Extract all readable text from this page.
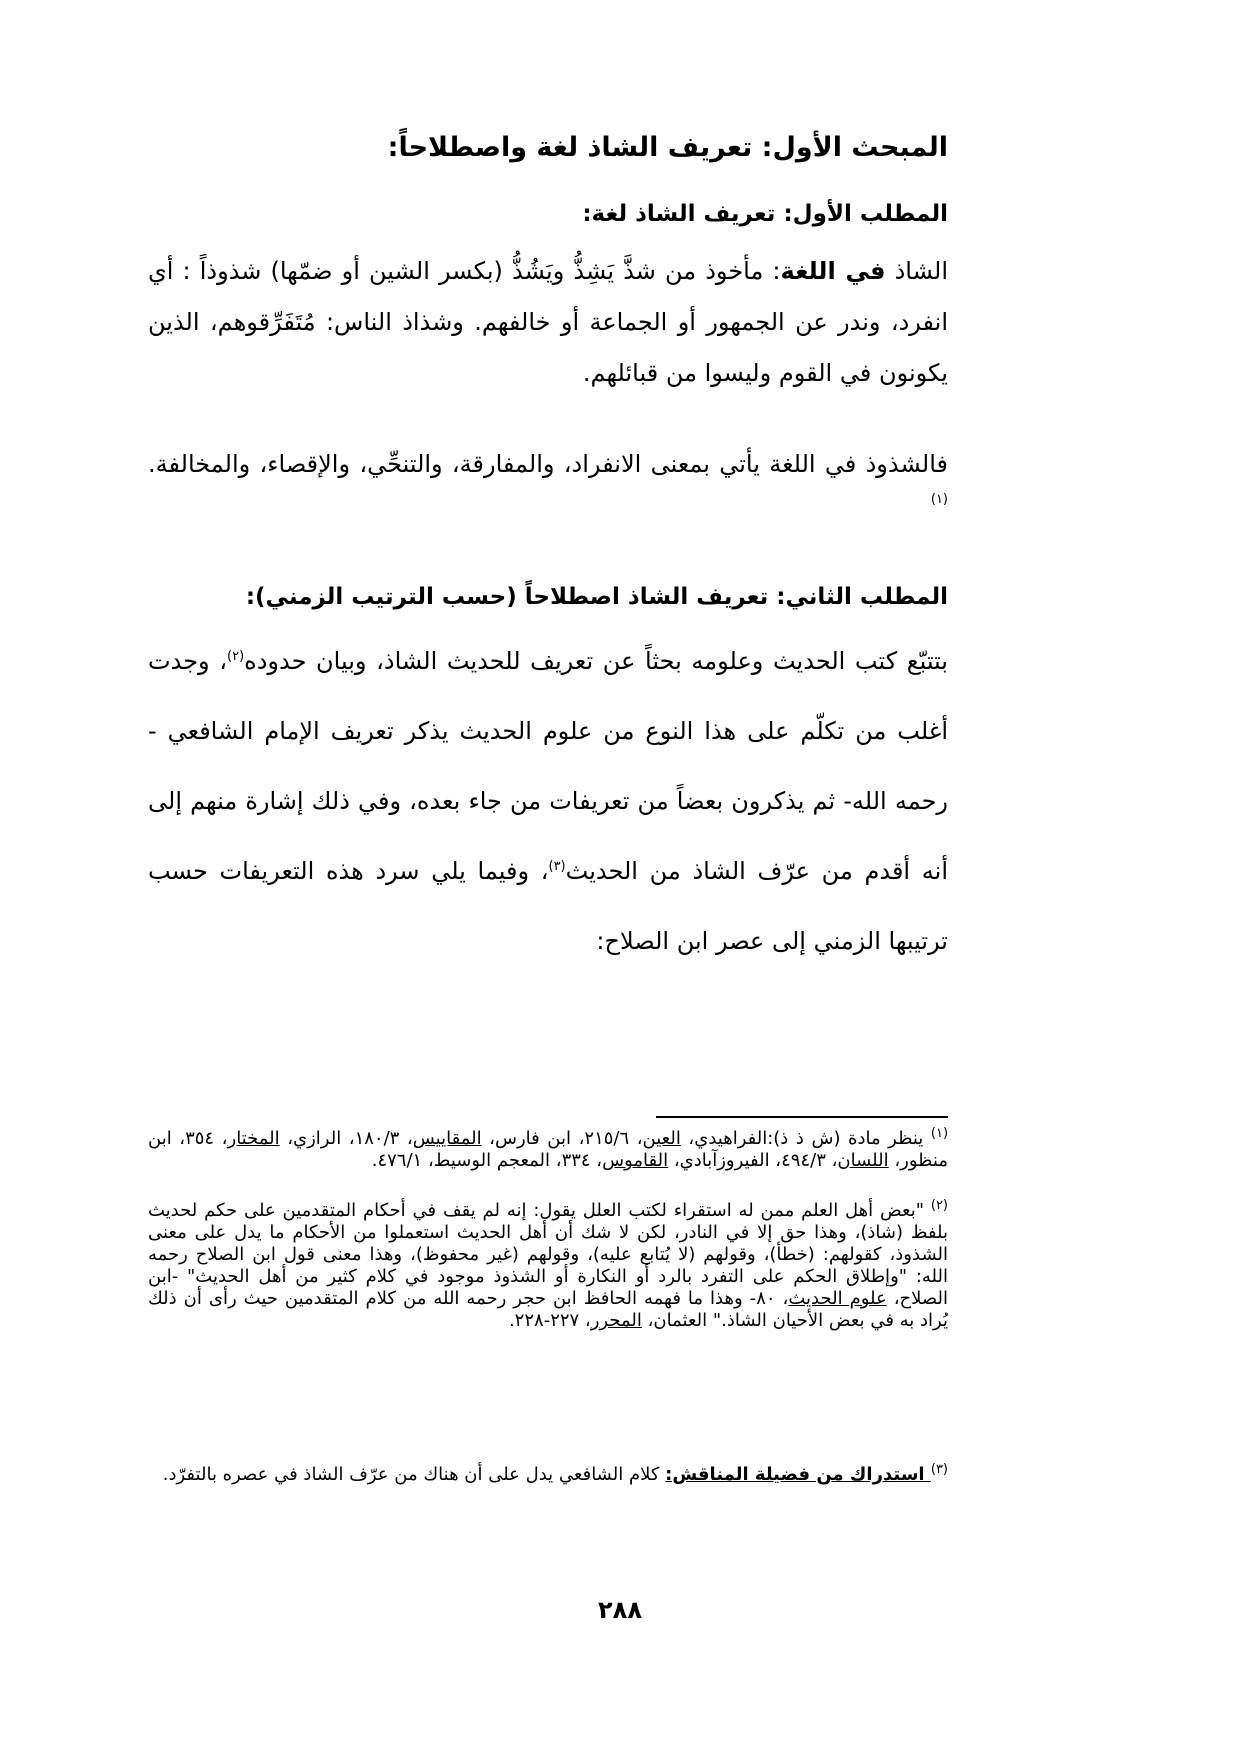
المبحث الأول: تعريف الشاذ لغة واصطلاحاً:
المطلب الأول: تعريف الشاذ لغة:
الشاذ في اللغة: مأخوذ من شذَّ يَشِذُّ ويَشُذُّ (بكسر الشين أو ضمّها) شذوذاً : أي انفرد، وندر عن الجمهور أو الجماعة أو خالفهم. وشذاذ الناس: مُتَفَرِّقوهم، الذين يكونون في القوم وليسوا من قبائلهم.
فالشذوذ في اللغة يأتي بمعنى الانفراد، والمفارقة، والتنحِّي، والإقصاء، والمخالفة.$^{(١)}$
المطلب الثاني: تعريف الشاذ اصطلاحاً (حسب الترتيب الزمني):
بتتبّع كتب الحديث وعلومه بحثاً عن تعريف للحديث الشاذ، وبيان حدوده$^{(٢)}$، وجدت أغلب من تكلّم على هذا النوع من علوم الحديث يذكر تعريف الإمام الشافعي - رحمه الله- ثم يذكرون بعضاً من تعريفات من جاء بعده، وفي ذلك إشارة منهم إلى أنه أقدم من عرّف الشاذ من الحديث$^{(٣)}$، وفيما يلي سرد هذه التعريفات حسب ترتيبها الزمني إلى عصر ابن الصلاح:
$^{(١)}$ ينظر مادة (ش ذ ذ):الفراهيدي، العين، ٢١٥/٦، ابن فارس، المقاييس، ١٨٠/٣، الرازي، المختار، ٣٥٤، ابن منظور، اللسان، ٤٩٤/٣، الفيروزآبادي، القاموس، ٣٣٤، المعجم الوسيط، ٤٧٦/١.
$^{(٢)}$ "بعض أهل العلم ممن له استقراء لكتب العلل يقول: إنه لم يقف في أحكام المتقدمين على حكم لحديث بلفظ (شاذ)، وهذا حق إلا في النادر، لكن لا شك أن أهل الحديث استعملوا من الأحكام ما يدل على معنى الشذوذ، كقولهم: (خطأ)، وقولهم (لا يُتابع عليه)، وقولهم (غير محفوظ)، وهذا معنى قول ابن الصلاح رحمه الله: "وإطلاق الحكم على التفرد بالرد أو النكارة أو الشذوذ موجود في كلام كثير من أهل الحديث" -ابن الصلاح، علوم الحديث، ٨٠- وهذا ما فهمه الحافظ ابن حجر رحمه الله من كلام المتقدمين حيث رأى أن ذلك يُراد به في بعض الأحيان الشاذ." العثمان، المحرر، ٢٢٧-٢٢٨.
$^{(٣)}$ استدراك من فضيلة المناقش: كلام الشافعي يدل على أن هناك من عرّف الشاذ في عصره بالتفرّد.
٢٨٨
